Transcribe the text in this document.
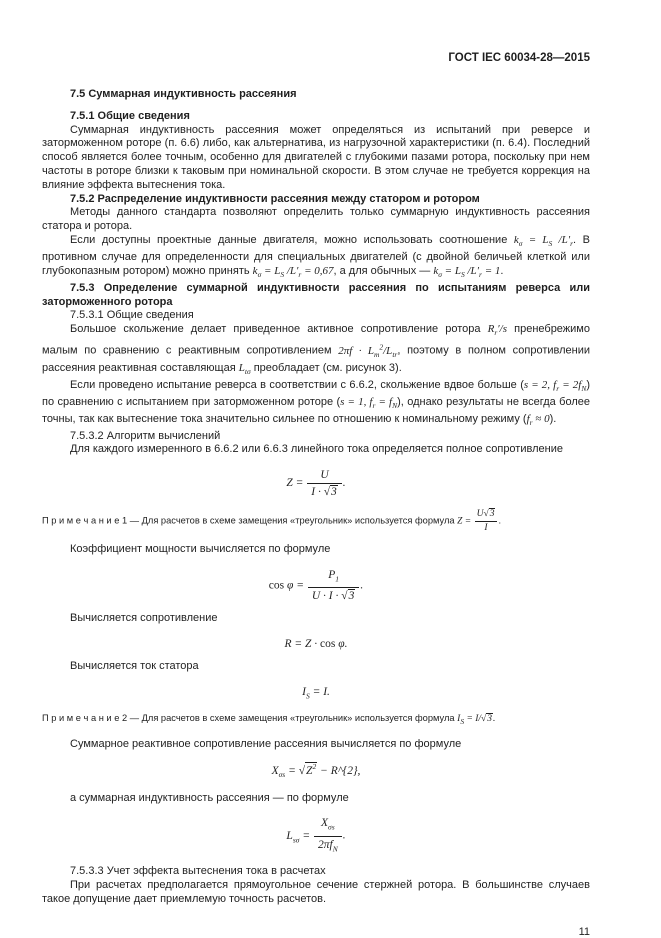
ГОСТ IEC 60034-28—2015

7.5 Суммарная индуктивность рассеяния

7.5.1 Общие сведения

Суммарная индуктивность рассеяния может определяться из испытаний при реверсе и заторможенном роторе (п. 6.6) либо, как альтернатива, из нагрузочной характеристики (п. 6.4). Последний способ является более точным, особенно для двигателей с глубокими пазами ротора, поскольку при нем частоты в роторе близки к таковым при номинальной скорости. В этом случае не требуется коррекция на влияние эффекта вытеснения тока.

7.5.2 Распределение индуктивности рассеяния между статором и ротором

Методы данного стандарта позволяют определить только суммарную индуктивность рассеяния статора и ротора.

Если доступны проектные данные двигателя, можно использовать соотношение $k_\sigma = L_S$ $/L'_r$. В противном случае для определенности для специальных двигателей (с двойной беличьей клеткой или глубокопазным ротором) можно принять $k_\sigma = L_S$ $/L'_r = 0,67$, а для обычных — $k_\sigma = L_S$ $/L'_r = 1$.

7.5.3 Определение суммарной индуктивности рассеяния по испытаниям реверса или заторможенного ротора

7.5.3.1 Общие сведения

Большое скольжение делает приведенное активное сопротивление ротора $R_r'/s$ пренебрежимо малым по сравнению с реактивным сопротивлением $2\pi f \cdot L_m^2/L_{tr}$, поэтому в полном сопротивлении рассеяния реактивная составляющая $L_{t\sigma}$ преобладает (см. рисунок 3).

Если проведено испытание реверса в соответствии с 6.6.2, скольжение вдвое больше (s = 2, $f_r = 2f_N$) по сравнению с испытанием при заторможенном роторе (s = 1, $f_r = f_N$), однако результаты не всегда более точны, так как вытеснение тока значительно сильнее по отношению к номинальному режиму $(f_r \approx 0)$.

7.5.3.2 Алгоритм вычислений

Для каждого измеренного в 6.6.2 или 6.6.3 линейного тока определяется полное сопротивление

$Z = \frac{U}{I \cdot √3}$ .
П р и м е ч а н и е 1 — Для расчетов в схеме замещения «треугольник» используется формула $Z = \frac{U√3}{I}$ .

Коэффициент мощности вычисляется по формуле

$\cos \varphi = \frac{P_1}{U \cdot I \cdot √3}$ .

Вычисляется сопротивление

R = Z · cos φ.

Вычисляется ток статора

$I_S = I$.
П р и м е ч а н и е 2 — Для расчетов в схеме замещения «треугольник» используется формула $I_S = I/√3$.

Суммарное реактивное сопротивление рассеяния вычисляется по формуле

$X_{\sigma s} = √Z^2$ − R^{2},

а суммарная индуктивность рассеяния — по формуле

$L_{s\sigma} = \frac{X_{\sigma s}}{2\pi f_N}$ .

7.5.3.3 Учет эффекта вытеснения тока в расчетах

При расчетах предполагается прямоугольное сечение стержней ротора. В большинстве случаев такое допущение дает приемлемую точность расчетов.

11
